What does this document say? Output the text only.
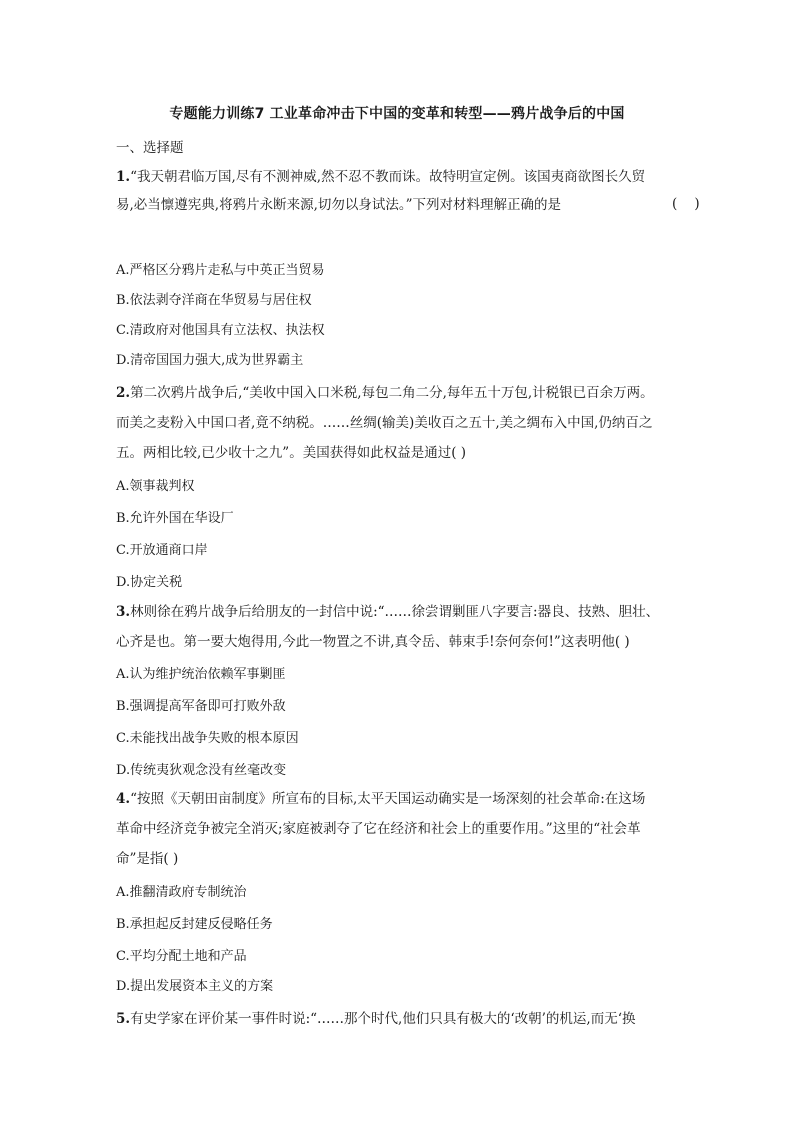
专题能力训练7 工业革命冲击下中国的变革和转型——鸦片战争后的中国
一、选择题
1.“我天朝君临万国,尽有不测神威,然不忍不教而诛。故特明宣定例。该国夷商欲图长久贸
易,必当懔遵宪典,将鸦片永断来源,切勿以身试法。”下列对材料理解正确的是	(    )
A.严格区分鸦片走私与中英正当贸易
B.依法剥夺洋商在华贸易与居住权
C.清政府对他国具有立法权、执法权
D.清帝国国力强大,成为世界霸主
2.第二次鸦片战争后,“美收中国入口米税,每包二角二分,每年五十万包,计税银已百余万两。
而美之麦粉入中国口者,竟不纳税。……丝绸(输美)美收百之五十,美之绸布入中国,仍纳百之
五。两相比较,已少收十之九”。美国获得如此权益是通过( )
A.领事裁判权
B.允许外国在华设厂
C.开放通商口岸
D.协定关税
3.林则徐在鸦片战争后给朋友的一封信中说:“……徐尝谓剿匪八字要言:器良、技熟、胆壮、
心齐是也。第一要大炮得用,今此一物置之不讲,真令岳、韩束手!奈何奈何!”这表明他( )
A.认为维护统治依赖军事剿匪
B.强调提高军备即可打败外敌
C.未能找出战争失败的根本原因
D.传统夷狄观念没有丝毫改变
4.“按照《天朝田亩制度》所宣布的目标,太平天国运动确实是一场深刻的社会革命:在这场
革命中经济竞争被完全消灭;家庭被剥夺了它在经济和社会上的重要作用。”这里的“社会革
命”是指( )
A.推翻清政府专制统治
B.承担起反封建反侵略任务
C.平均分配土地和产品
D.提出发展资本主义的方案
5.有史学家在评价某一事件时说:“……那个时代,他们只具有极大的‘改朝’的机运,而无‘换
